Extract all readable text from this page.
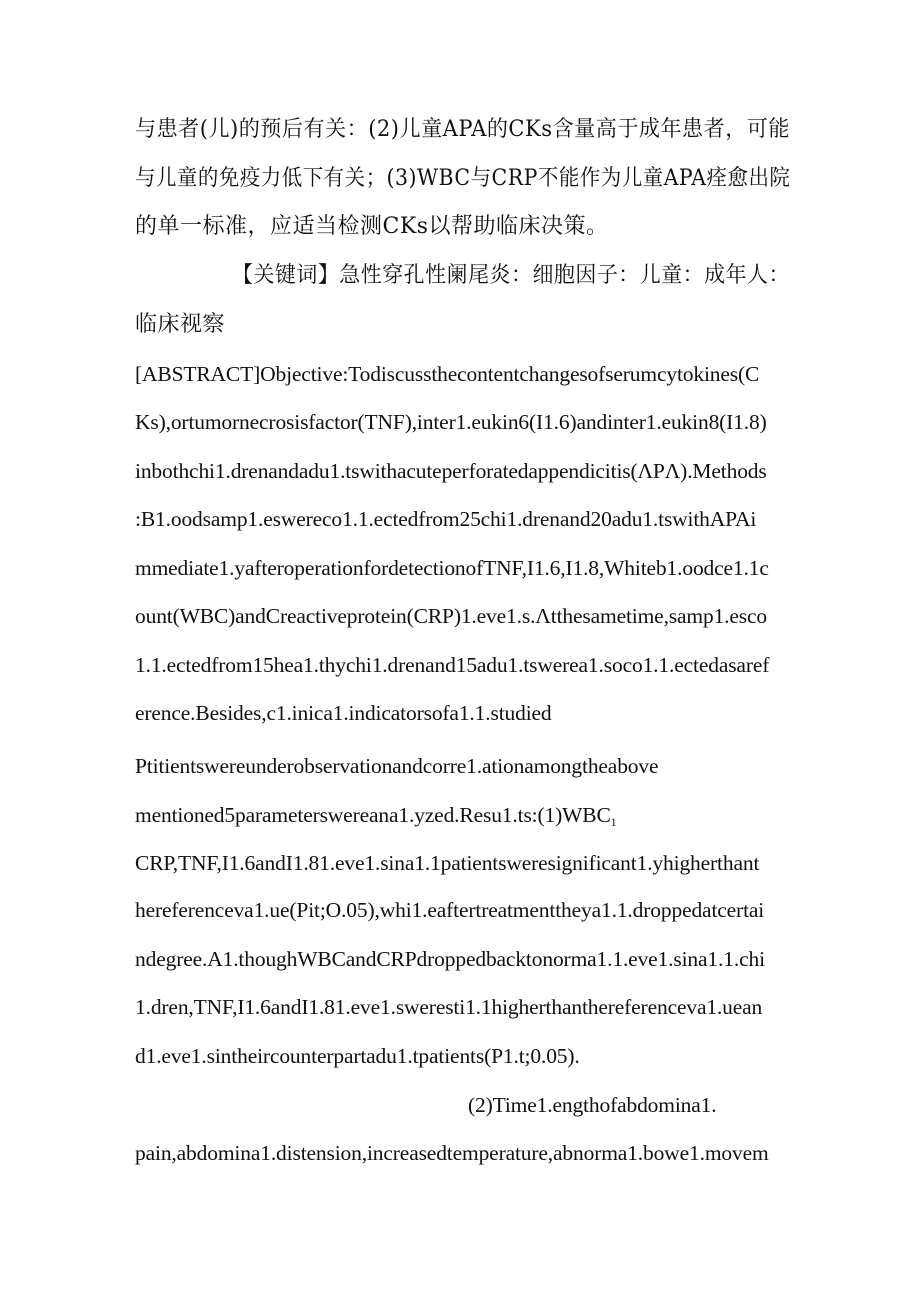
与患者(儿)的预后有关：(2)儿童APA的CKs含量高于成年患者，可能
与儿童的免疫力低下有关；(3)WBC与CRP不能作为儿童APA痊愈出院
的单一标准，应适当检测CKs以帮助临床决策。
【关键词】急性穿孔性阑尾炎：细胞因子：儿童：成年人：
临床视察
[ABSTRACT]Objective:Todiscussthecontentchangesofserumcytokines(C
Ks),ortumornecrosisfactor(TNF),inter1.eukin6(I1.6)andinter1.eukin8(I1.8)
inbothchi1.drenandadu1.tswithacuteperforatedappendicitis(ΛPΛ).Methods
:B1.oodsamp1.eswereco1.1.ectedfrom25chi1.drenand20adu1.tswithAPAi
mmediate1.yafteroperationfordetectionofTNF,I1.6,I1.8,Whiteb1.oodce1.1c
ount(WBC)andCreactiveprotein(CRP)1.eve1.s.Λtthesametime,samp1.esco
1.1.ectedfrom15hea1.thychi1.drenand15adu1.tswerea1.soco1.1.ectedasaref
erence.Besides,c1.inica1.indicatorsofa1.1.studied
Ptitientswereunderobservationandcorre1.ationamongtheabove
$mentioned5parameterswereana1.yzed.Resu1.ts:(1)WBC_1$
CRP,TNF,I1.6andI1.81.eve1.sina1.1patientsweresignificant1.yhigherthant
hereferenceva1.ue(Pit;O.05),whi1.eaftertreatmenttheya1.1.droppedatcertai
ndegree.A1.thoughWBCandCRPdroppedbacktonorma1.1.eve1.sina1.1.chi
1.dren,TNF,I1.6andI1.81.eve1.sweresti1.1higherthanthereferenceva1.uean
d1.eve1.sintheircounterpartadu1.tpatients(P1.t;0.05).
(2)Time1.engthofabdomina1.
pain,abdomina1.distension,increasedtemperature,abnorma1.bowe1.movem
